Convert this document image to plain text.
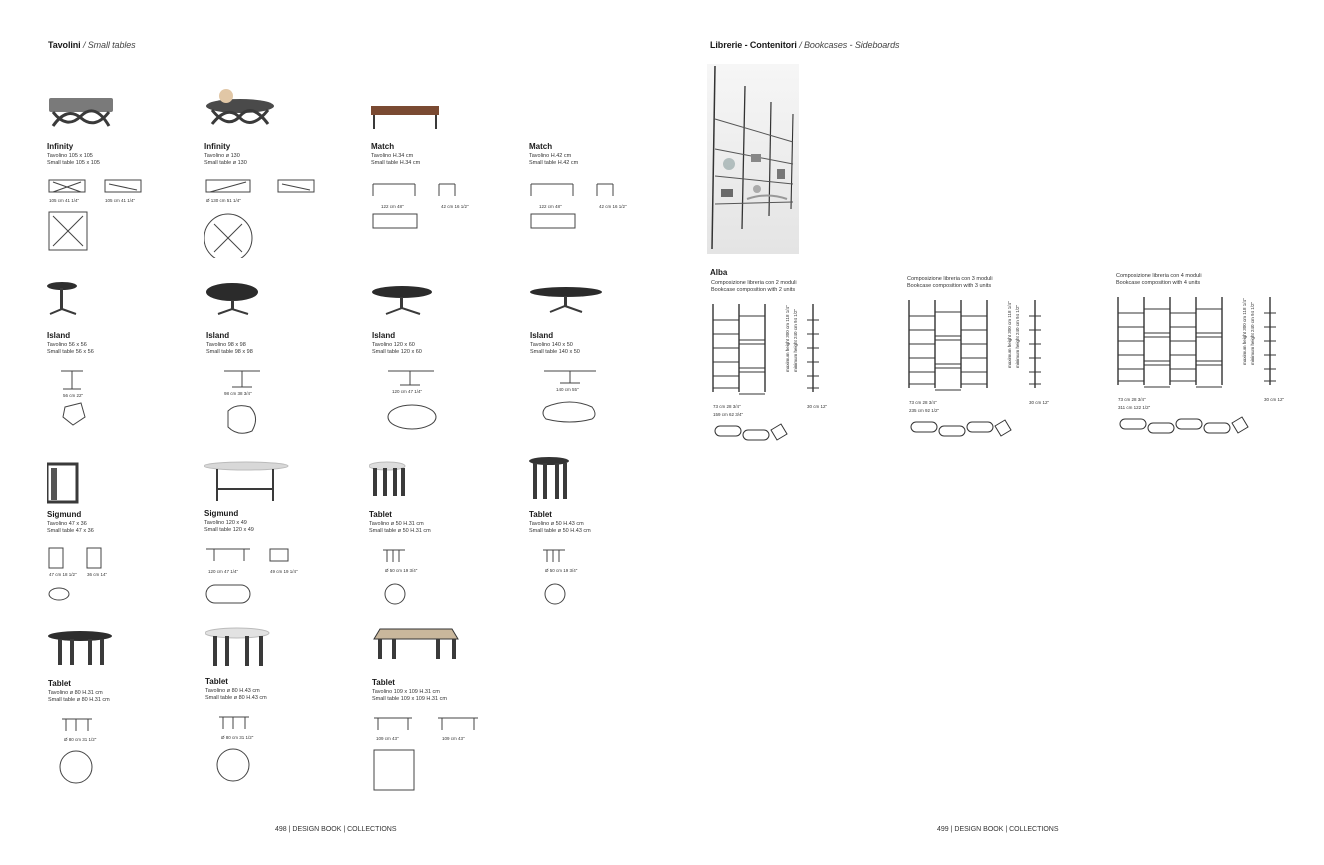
Tavolini / Small tables
Infinity
Tavolino 105 x 105
Small table 105 x 105
105 cm 41 1/4"	105 cm 41 1/4"
Infinity
Tavolino ø 130
Small table ø 130
Ø 130 cm 51 1/4"
Match
Tavolino H.34 cm
Small table H.34 cm
122 cm 48"	42 cm 16 1/2"
Match
Tavolino H.42 cm
Small table H.42 cm
122 cm 48"	42 cm 16 1/2"
Island
Tavolino 56 x 56
Small table 56 x 56
56 cm 22"
Island
Tavolino 98 x 98
Small table 98 x 98
98 cm 38 3/4"
Island
Tavolino 120 x 60
Small table 120 x 60
120 cm 47 1/4"
Island
Tavolino 140 x 50
Small table 140 x 50
140 cm 55"
Sigmund
Tavolino 47 x 36
Small table 47 x 36
47 cm 18 1/2" 36 cm 14"
Sigmund
Tavolino 120 x 49
Small table 120 x 49
120 cm 47 1/4"	49 cm 19 1/4"
Tablet
Tavolino ø 50 H.31 cm
Small table ø 50 H.31 cm
Ø 50 cm 19 3/4"
Tablet
Tavolino ø 50 H.43 cm
Small table ø 50 H.43 cm
Ø 50 cm 19 3/4"
Tablet
Tavolino ø 80 H.31 cm
Small table ø 80 H.31 cm
Ø 80 cm 31 1/2"
Tablet
Tavolino ø 80 H.43 cm
Small table ø 80 H.43 cm
Ø 80 cm 31 1/2"
Tablet
Tavolino 109 x 109 H.31 cm
Small table 109 x 109 H.31 cm
109 cm 43"	109 cm 43"
498 | DESIGN BOOK | COLLECTIONS
Librerie - Contenitori / Bookcases - Sideboards
Alba
Composizione libreria con 2 moduli
Bookcase composition with 2 units
73 cm 28 3/4"
159 cm 62 3/4"
30 cm 12"
maximum height 300 cm 118 1/4" minimum height 240 cm 94 1/2"
Composizione libreria con 3 moduli
Bookcase composition with 3 units
73 cm 28 3/4"
235 cm 92 1/2"
30 cm 12"
maximum height 300 cm 118 1/4" minimum height 240 cm 94 1/2"
Composizione libreria con 4 moduli
Bookcase composition with 4 units
73 cm 28 3/4"
311 cm 122 1/2"
30 cm 12"
maximum height 300 cm 118 1/4" minimum height 240 cm 94 1/2"
499 | DESIGN BOOK | COLLECTIONS
